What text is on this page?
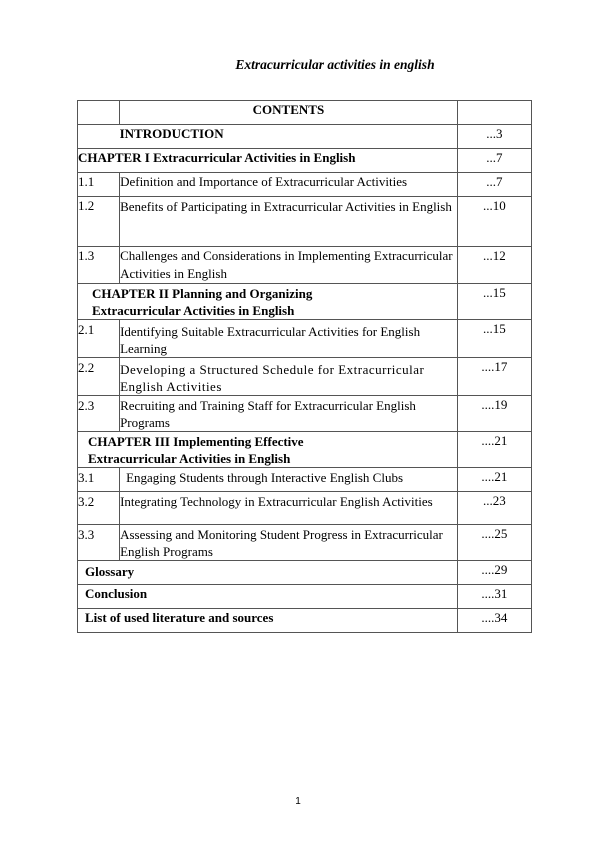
Extracurricular activities in english
	CONTENTS	
	INTRODUCTION	...3
CHAPTER I Extracurricular Activities in English		...7
1.1	Definition and Importance of Extracurricular Activities	...7
1.2	Benefits of Participating in Extracurricular Activities in English	...10
1.3	Challenges and Considerations in Implementing Extracurricular Activities in English	...12
CHAPTER II Planning and Organizing Extracurricular Activities in English		...15
2.1	Identifying Suitable Extracurricular Activities for English Learning	...15
2.2	Developing a Structured Schedule for Extracurricular English Activities	....17
2.3	Recruiting and Training Staff for Extracurricular English Programs	....19
CHAPTER III Implementing Effective Extracurricular Activities in English		....21
3.1	Engaging Students through Interactive English Clubs	....21
3.2	Integrating Technology in Extracurricular English Activities	...23
3.3	Assessing and Monitoring Student Progress in Extracurricular English Programs	....25
Glossary		....29
Conclusion		....31
List of used literature and sources		....34
1
